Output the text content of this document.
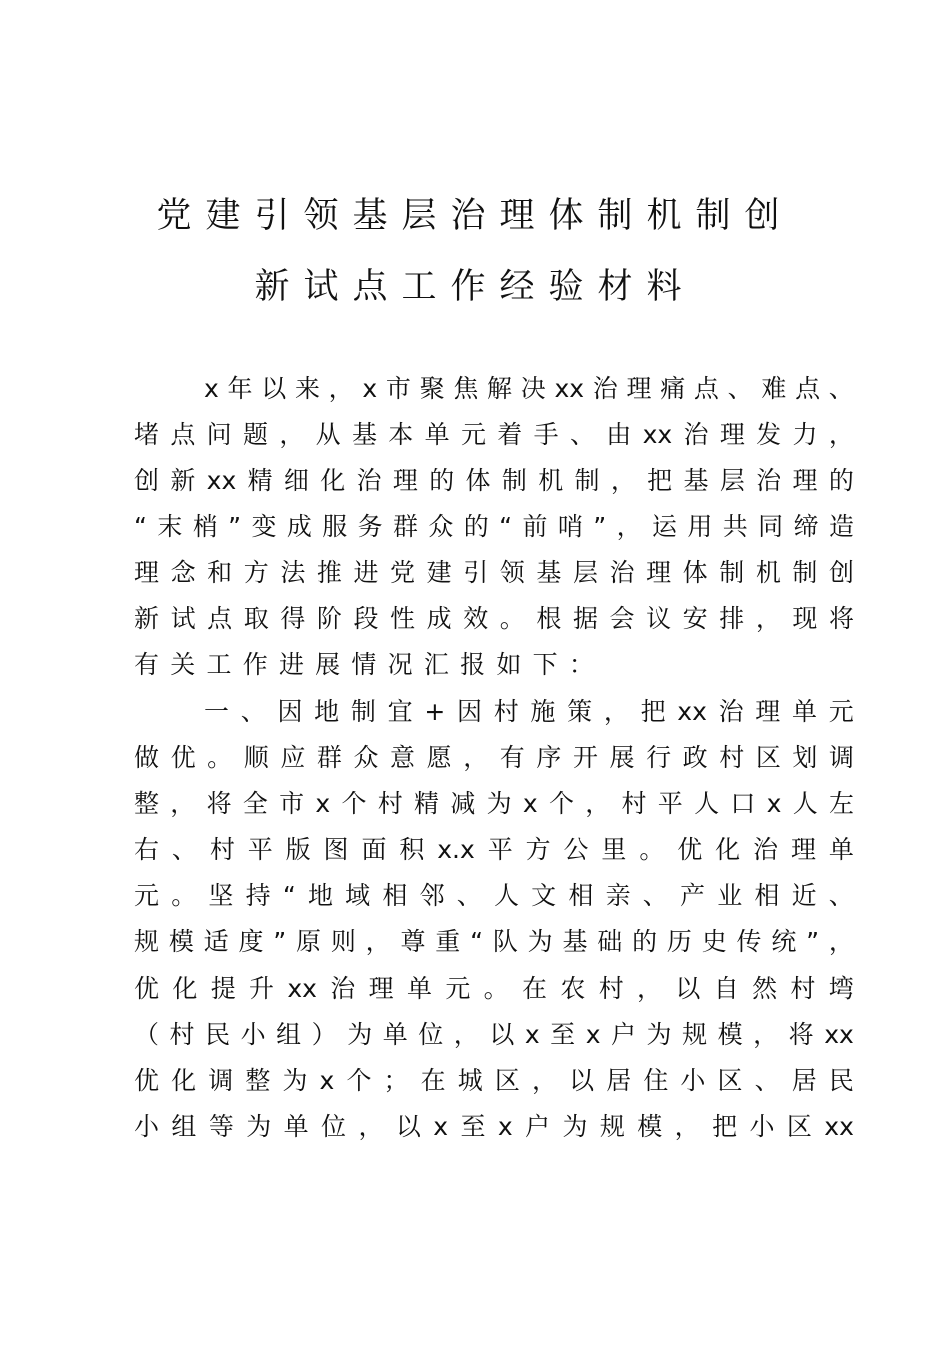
党建引领基层治理体制机制创
新试点工作经验材料
x 年 以 来 ， x 市 聚 焦 解 决 xx 治 理 痛 点 、 难 点 、
堵 点 问 题 ， 从 基 本 单 元 着 手 、 由 xx 治 理 发 力 ，
创 新 xx 精 细 化 治 理 的 体 制 机 制 ， 把 基 层 治 理 的
“ 末 梢 ” 变 成 服 务 群 众 的 “ 前 哨 ” ， 运 用 共 同 缔 造
理 念 和 方 法 推 进 党 建 引 领 基 层 治 理 体 制 机 制 创
新 试 点 取 得 阶 段 性 成 效 。 根 据 会 议 安 排 ， 现 将
有 关 工 作 进 展 情 况 汇 报 如 下 ：
一 、 因 地 制 宜 + 因 村 施 策 ， 把 xx 治 理 单 元
做 优 。 顺 应 群 众 意 愿 ， 有 序 开 展 行 政 村 区 划 调
整 ， 将 全 市 x 个 村 精 减 为 x 个 ， 村 平 人 口 x 人 左
右 、 村 平 版 图 面 积 x.x 平 方 公 里 。 优 化 治 理 单
元 。 坚 持 “ 地 域 相 邻 、 人 文 相 亲 、 产 业 相 近 、
规 模 适 度 ” 原 则 ， 尊 重 “ 队 为 基 础 的 历 史 传 统 ” ，
优 化 提 升 xx 治 理 单 元 。 在 农 村 ， 以 自 然 村 塆
（ 村 民 小 组 ） 为 单 位 ， 以 x 至 x 户 为 规 模 ， 将 xx
优 化 调 整 为 x 个 ； 在 城 区 ， 以 居 住 小 区 、 居 民
小 组 等 为 单 位 ， 以 x 至 x 户 为 规 模 ， 把 小 区 xx
